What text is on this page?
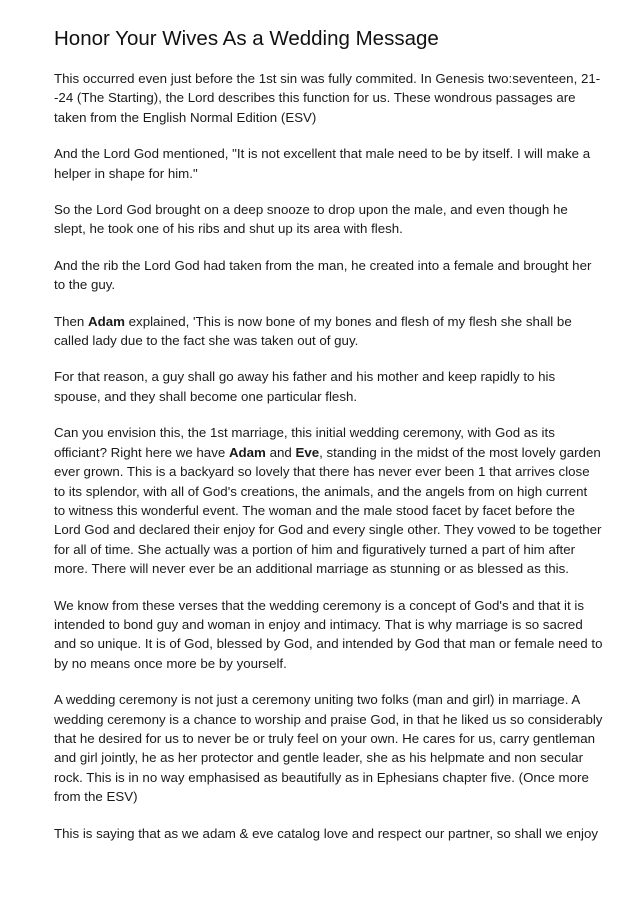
Honor Your Wives As a Wedding Message

This occurred even just before the 1st sin was fully commited. In Genesis two:seventeen, 21-
-24 (The Starting), the Lord describes this function for us. These wondrous passages are
taken from the English Normal Edition (ESV)

And the Lord God mentioned, "It is not excellent that male need to be by itself. I will make a
helper in shape for him."

So the Lord God brought on a deep snooze to drop upon the male, and even though he
slept, he took one of his ribs and shut up its area with flesh.

And the rib the Lord God had taken from the man, he created into a female and brought her
to the guy.

Then Adam explained, 'This is now bone of my bones and flesh of my flesh she shall be
called lady due to the fact she was taken out of guy.

For that reason, a guy shall go away his father and his mother and keep rapidly to his
spouse, and they shall become one particular flesh.

Can you envision this, the 1st marriage, this initial wedding ceremony, with God as its
officiant? Right here we have Adam and Eve, standing in the midst of the most lovely garden
ever grown. This is a backyard so lovely that there has never ever been 1 that arrives close
to its splendor, with all of God's creations, the animals, and the angels from on high current
to witness this wonderful event. The woman and the male stood facet by facet before the
Lord God and declared their enjoy for God and every single other. They vowed to be together
for all of time. She actually was a portion of him and figuratively turned a part of him after
more. There will never ever be an additional marriage as stunning or as blessed as this.

We know from these verses that the wedding ceremony is a concept of God's and that it is
intended to bond guy and woman in enjoy and intimacy. That is why marriage is so sacred
and so unique. It is of God, blessed by God, and intended by God that man or female need to
by no means once more be by yourself.

A wedding ceremony is not just a ceremony uniting two folks (man and girl) in marriage. A
wedding ceremony is a chance to worship and praise God, in that he liked us so considerably
that he desired for us to never be or truly feel on your own. He cares for us, carry gentleman
and girl jointly, he as her protector and gentle leader, she as his helpmate and non secular
rock. This is in no way emphasised as beautifully as in Ephesians chapter five. (Once more
from the ESV)

This is saying that as we adam & eve catalog love and respect our partner, so shall we enjoy
